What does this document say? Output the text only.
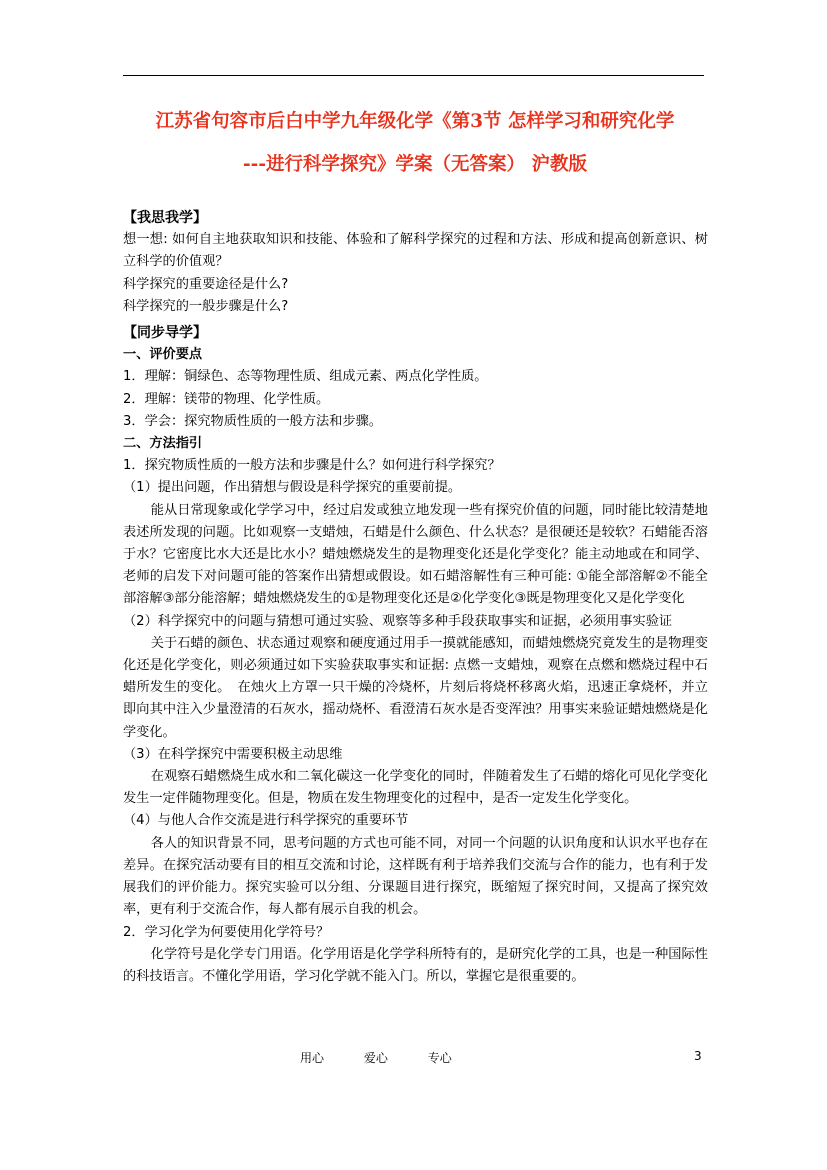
江苏省句容市后白中学九年级化学《第3节 怎样学习和研究化学
---进行科学探究》学案（无答案） 沪教版

【我思我学】

想一想: 如何自主地获取知识和技能、体验和了解科学探究的过程和方法、形成和提高创新意识、树立科学的价值观？

科学探究的重要途径是什么?

科学探究的一般步骤是什么?

【同步导学】

一、评价要点

1．理解：铜绿色、态等物理性质、组成元素、两点化学性质。

2．理解：镁带的物理、化学性质。

3．学会：探究物质性质的一般方法和步骤。

二、方法指引

1．探究物质性质的一般方法和步骤是什么？如何进行科学探究？

（1）提出问题，作出猜想与假设是科学探究的重要前提。

能从日常现象或化学学习中，经过启发或独立地发现一些有探究价值的问题，同时能比较清楚地表述所发现的问题。比如观察一支蜡烛，石蜡是什么颜色、什么状态？是很硬还是较软？石蜡能否溶于水？它密度比水大还是比水小？蜡烛燃烧发生的是物理变化还是化学变化？能主动地或在和同学、老师的启发下对问题可能的答案作出猜想或假设。如石蜡溶解性有三种可能: ①能全部溶解②不能全部溶解③部分能溶解；蜡烛燃烧发生的①是物理变化还是②化学变化③既是物理变化又是化学变化

（2）科学探究中的问题与猜想可通过实验、观察等多种手段获取事实和证据，必须用事实验证

关于石蜡的颜色、状态通过观察和硬度通过用手一摸就能感知，而蜡烛燃烧究竟发生的是物理变化还是化学变化，则必须通过如下实验获取事实和证据: 点燃一支蜡烛，观察在点燃和燃烧过程中石蜡所发生的变化。　在烛火上方罩一只干燥的冷烧杯，片刻后将烧杯移离火焰，迅速正拿烧杯，并立即向其中注入少量澄清的石灰水，摇动烧杯、看澄清石灰水是否变浑浊？用事实来验证蜡烛燃烧是化学变化。

（3）在科学探究中需要积极主动思维

在观察石蜡燃烧生成水和二氧化碳这一化学变化的同时，伴随着发生了石蜡的熔化可见化学变化发生一定伴随物理变化。但是，物质在发生物理变化的过程中，是否一定发生化学变化。

（4）与他人合作交流是进行科学探究的重要环节

各人的知识背景不同，思考问题的方式也可能不同，对同一个问题的认识角度和认识水平也存在差异。在探究活动要有目的相互交流和讨论，这样既有利于培养我们交流与合作的能力，也有利于发展我们的评价能力。探究实验可以分组、分课题目进行探究，既缩短了探究时间，又提高了探究效率，更有利于交流合作，每人都有展示自我的机会。

2．学习化学为何要使用化学符号？

化学符号是化学专门用语。化学用语是化学学科所特有的，是研究化学的工具，也是一种国际性的科技语言。不懂化学用语，学习化学就不能入门。所以，掌握它是很重要的。

用心	爱心	专心	3
